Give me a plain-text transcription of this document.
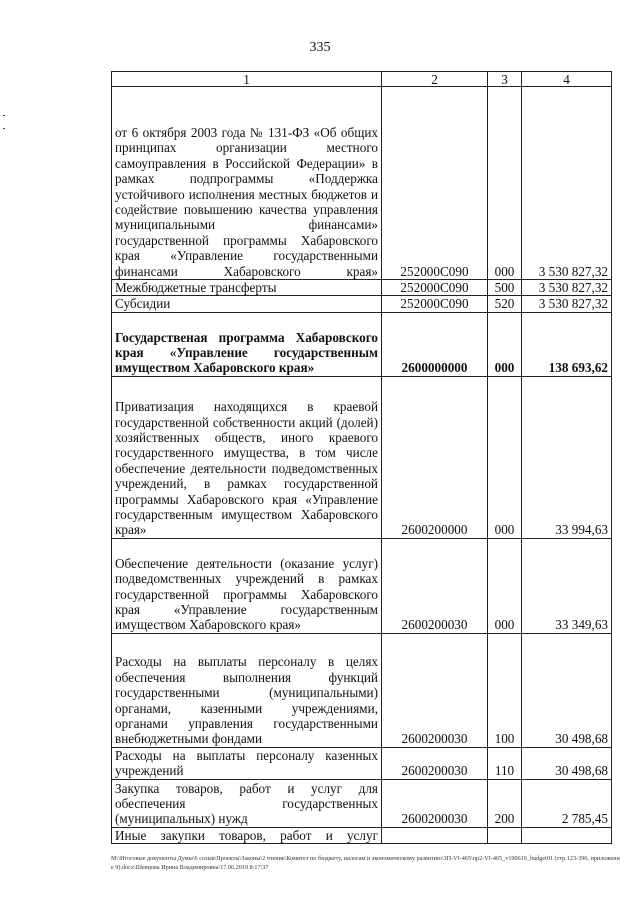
335
1	2	3	4
от 6 октября 2003 года № 131-ФЗ «Об общих принципах организации местного самоуправления в Российской Федерации» в рамках подпрограммы «Поддержка устойчивого исполнения местных бюджетов и содействие повышению качества управления муниципальными финансами» государственной программы Хабаровского края «Управление государственными финансами Хабаровского края»	252000С090	000	3 530 827,32
Межбюджетные трансферты	252000С090	500	3 530 827,32
Субсидии	252000С090	520	3 530 827,32
Государственая программа Хабаровского края «Управление государственным имуществом Хабаровского края»	2600000000	000	138 693,62
Приватизация находящихся в краевой государственной собственности акций (долей) хозяйственных обществ, иного краевого государственного имущества, в том числе обеспечение деятельности подведомственных учреждений, в рамках государственной программы Хабаровского края «Управление государственным имуществом Хабаровского края»	2600200000	000	33 994,63
Обеспечение деятельности (оказание услуг) подведомственных учреждений в рамках государственной программы Хабаровского края «Управление государственным имуществом Хабаровского края»	2600200030	000	33 349,63
Расходы на выплаты персоналу в целях обеспечения выполнения функций государственными (муниципальными) органами, казенными учреждениями, органами управления государственными внебюджетными фондами	2600200030	100	30 498,68
Расходы на выплаты персоналу казенных учреждений	2600200030	110	30 498,68
Закупка товаров, работ и услуг для обеспечения государственных (муниципальных) нужд	2600200030	200	2 785,45
Иные закупки товаров, работ и услуг			
M:\Итоговые документы Думы\6 созыв\Проекты\Законы\2 чтение\Комитет по бюджету, налогам и экономическому развитию\ЗП-VI-465\пр2-VI-465_v190619_budget01 (стр.123-396, приложение 9).docx\Шевцова Ирина Владимировна\17.06.2019 8:17:37
